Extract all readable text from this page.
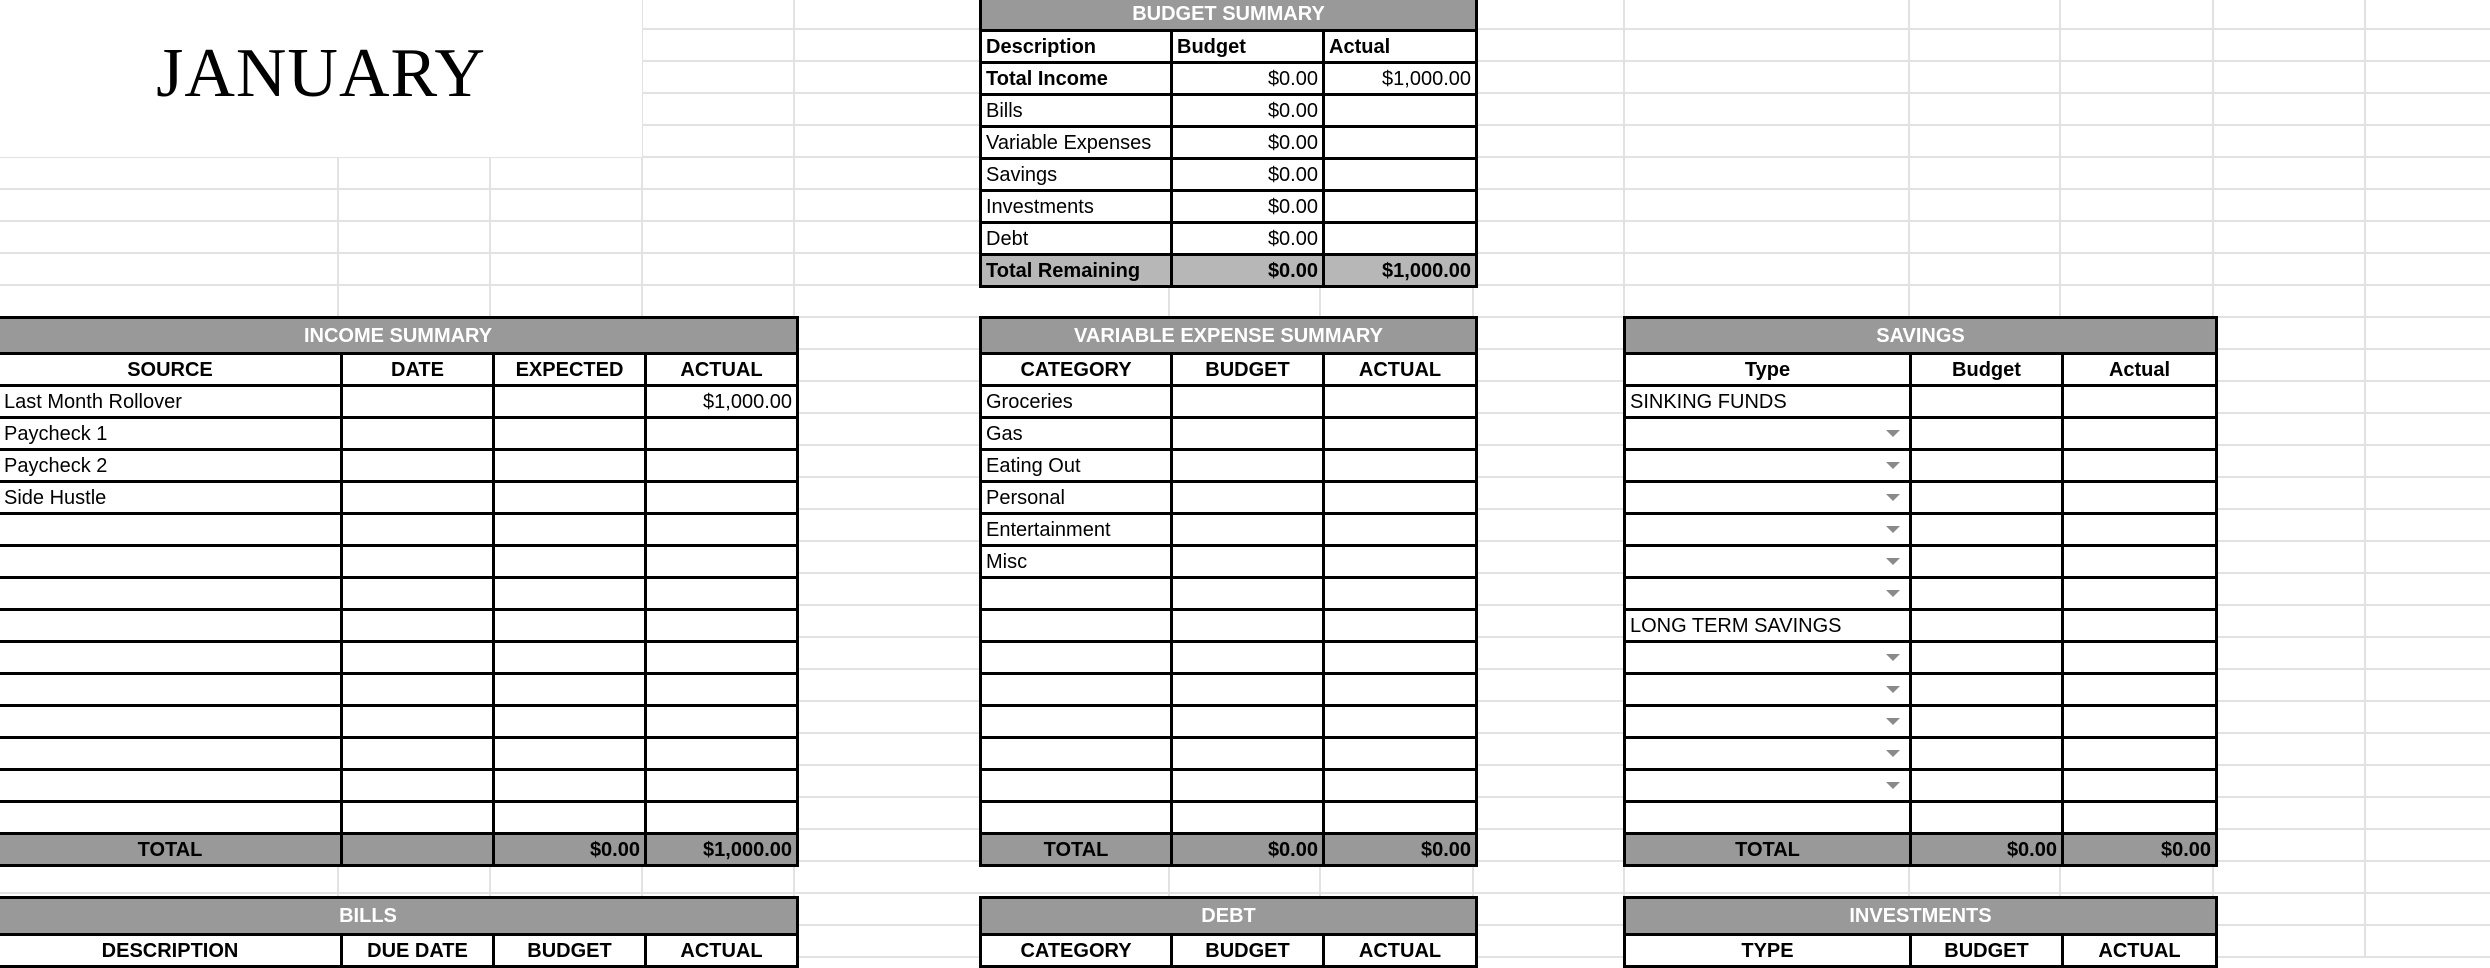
JANUARY
BUDGET SUMMARY		
Description	Budget	Actual
Total Income	$0.00	$1,000.00
Bills	$0.00	
Variable Expenses	$0.00	
Savings	$0.00	
Investments	$0.00	
Debt	$0.00	
Total Remaining	$0.00	$1,000.00
INCOME SUMMARY			
SOURCE	DATE	EXPECTED	ACTUAL
Last Month Rollover			$1,000.00
Paycheck 1			
Paycheck 2			
Side Hustle			

TOTAL		$0.00	$1,000.00
VARIABLE EXPENSE SUMMARY		
CATEGORY	BUDGET	ACTUAL
Groceries		
Gas		
Eating Out		
Personal		
Entertainment		
Misc		

TOTAL	$0.00	$0.00
SAVINGS		
Type	Budget	Actual
SINKING FUNDS		

LONG TERM SAVINGS		

TOTAL	$0.00	$0.00
BILLS
DESCRIPTION	DUE DATE	BUDGET	ACTUAL
DEBT
CATEGORY	BUDGET	ACTUAL
INVESTMENTS
TYPE	BUDGET	ACTUAL
